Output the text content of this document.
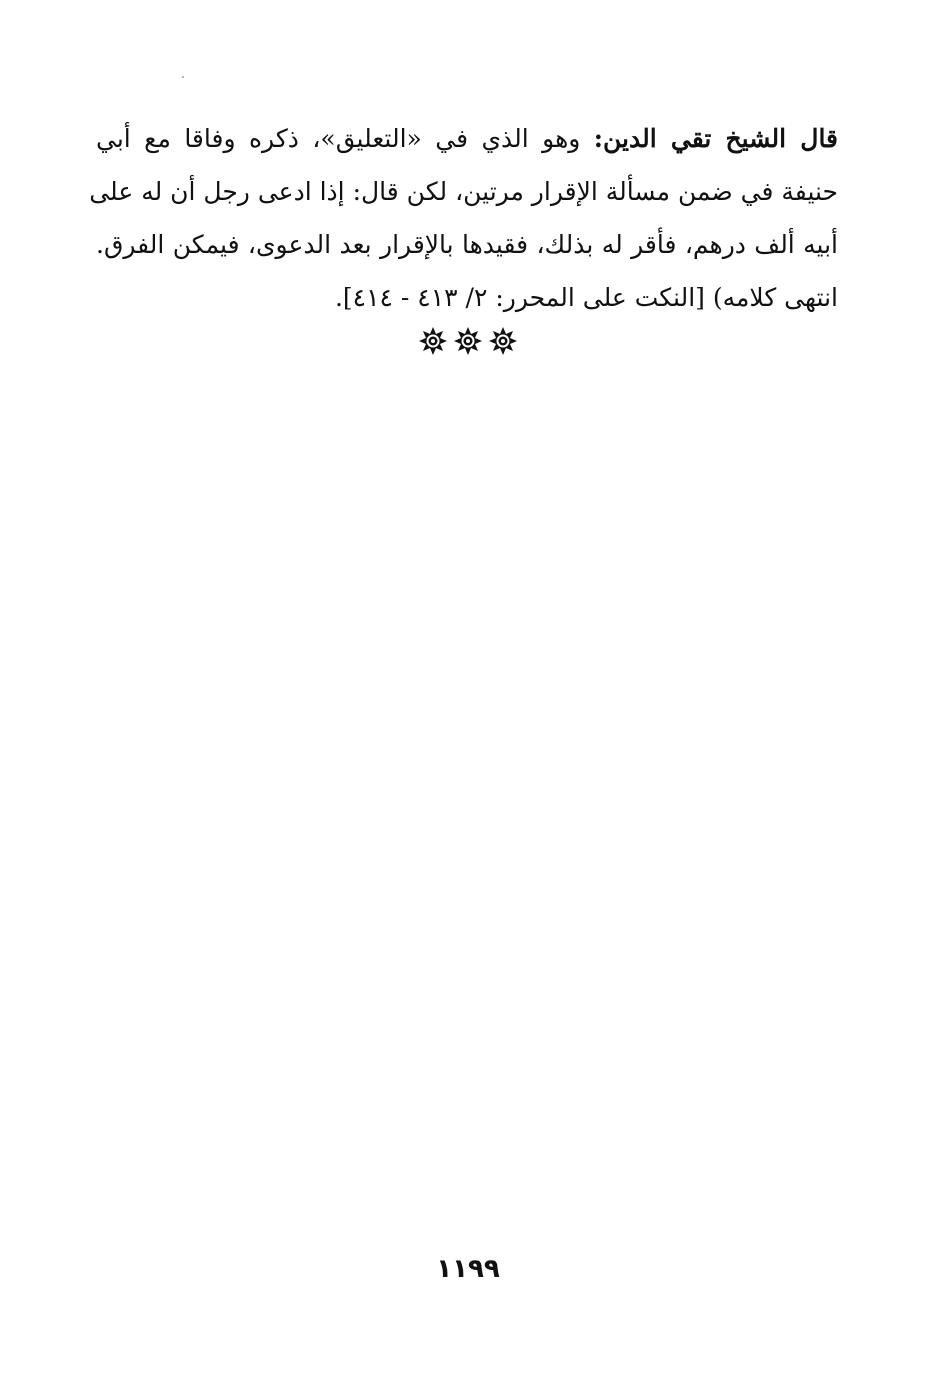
قال الشيخ تقي الدين: وهو الذي في «التعليق»، ذكره وفاقا مع أبي
حنيفة في ضمن مسألة الإقرار مرتين، لكن قال: إذا ادعى رجل أن له على
أبيه ألف درهم، فأقر له بذلك، فقيدها بالإقرار بعد الدعوى، فيمكن الفرق.
انتهى كلامه) [النكت على المحرر: ٢/ ٤١٣ - ٤١٤].

١١٩٩
